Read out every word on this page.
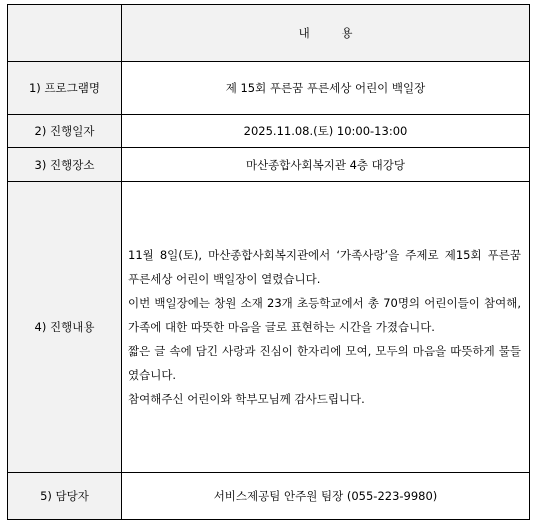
	내 용
1) 프로그램명	제 15회 푸른꿈 푸른세상 어린이 백일장
2) 진행일자	2025.11.08.(토) 10:00-13:00
3) 진행장소	마산종합사회복지관 4층 대강당
4) 진행내용	11월 8일(토), 마산종합사회복지관에서 ‘가족사랑’을 주제로 제15회 푸른꿈 푸른세상 어린이 백일장이 열렸습니다.

이번 백일장에는 창원 소재 23개 초등학교에서 총 70명의 어린이들이 참여해, 가족에 대한 따뜻한 마음을 글로 표현하는 시간을 가졌습니다.

짧은 글 속에 담긴 사랑과 진심이 한자리에 모여, 모두의 마음을 따뜻하게 물들였습니다.

참여해주신 어린이와 학부모님께 감사드립니다.

5) 담당자	서비스제공팀 안주원 팀장 (055-223-9980)
